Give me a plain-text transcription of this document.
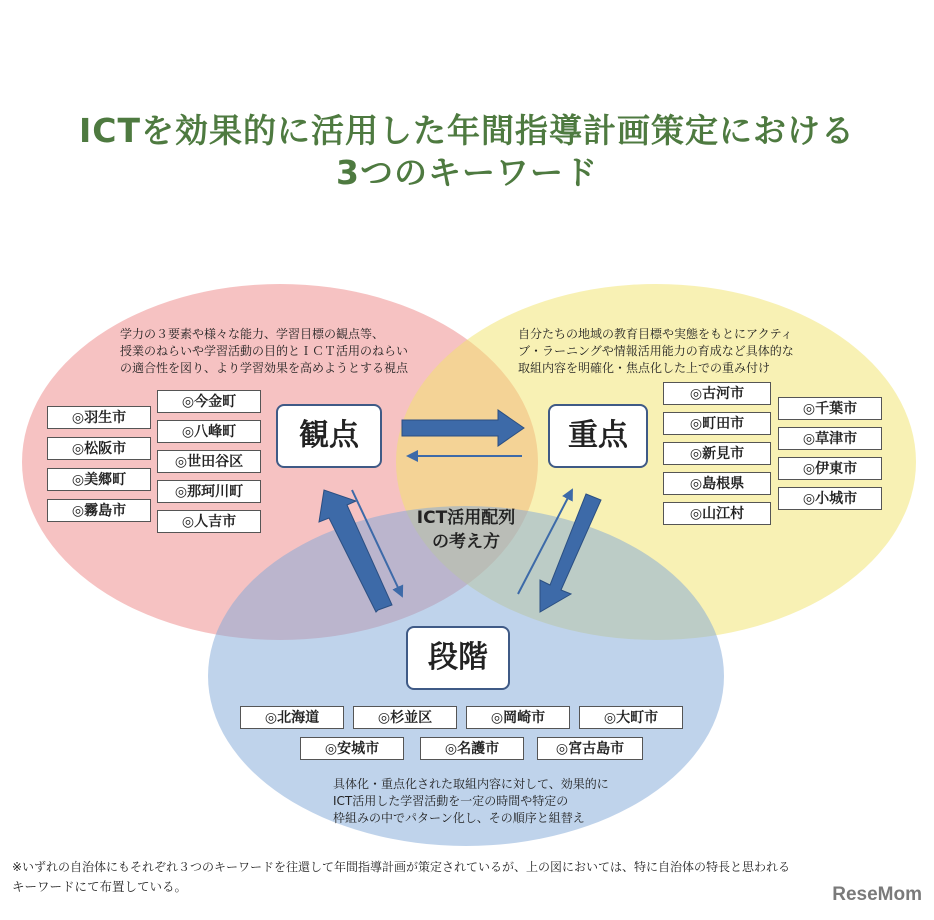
ICTを効果的に活用した年間指導計画策定における
3つのキーワード
学力の３要素や様々な能力、学習目標の観点等、
授業のねらいや学習活動の目的とＩＣＴ活用のねらい
の適合性を図り、より学習効果を高めようとする視点
自分たちの地域の教育目標や実態をもとにアクティ
ブ・ラーニングや情報活用能力の育成など具体的な
取組内容を明確化・焦点化した上での重み付け
具体化・重点化された取組内容に対して、効果的に
ICT活用した学習活動を一定の時間や特定の
枠組みの中でパターン化し、その順序と組替え
観点	重点
段階
ICT活用配列
の考え方
◎羽生市
◎松阪市
◎美郷町
◎霧島市
◎今金町
◎八峰町
◎世田谷区
◎那珂川町
◎人吉市
◎古河市
◎町田市
◎新見市
◎島根県
◎山江村
◎千葉市
◎草津市
◎伊東市
◎小城市
◎北海道	◎杉並区	◎岡崎市	◎大町市
◎安城市	◎名護市	◎宮古島市
※いずれの自治体にもそれぞれ３つのキーワードを往還して年間指導計画が策定されているが、上の図においては、特に自治体の特長と思われる
キーワードにて布置している。	ReseMom
